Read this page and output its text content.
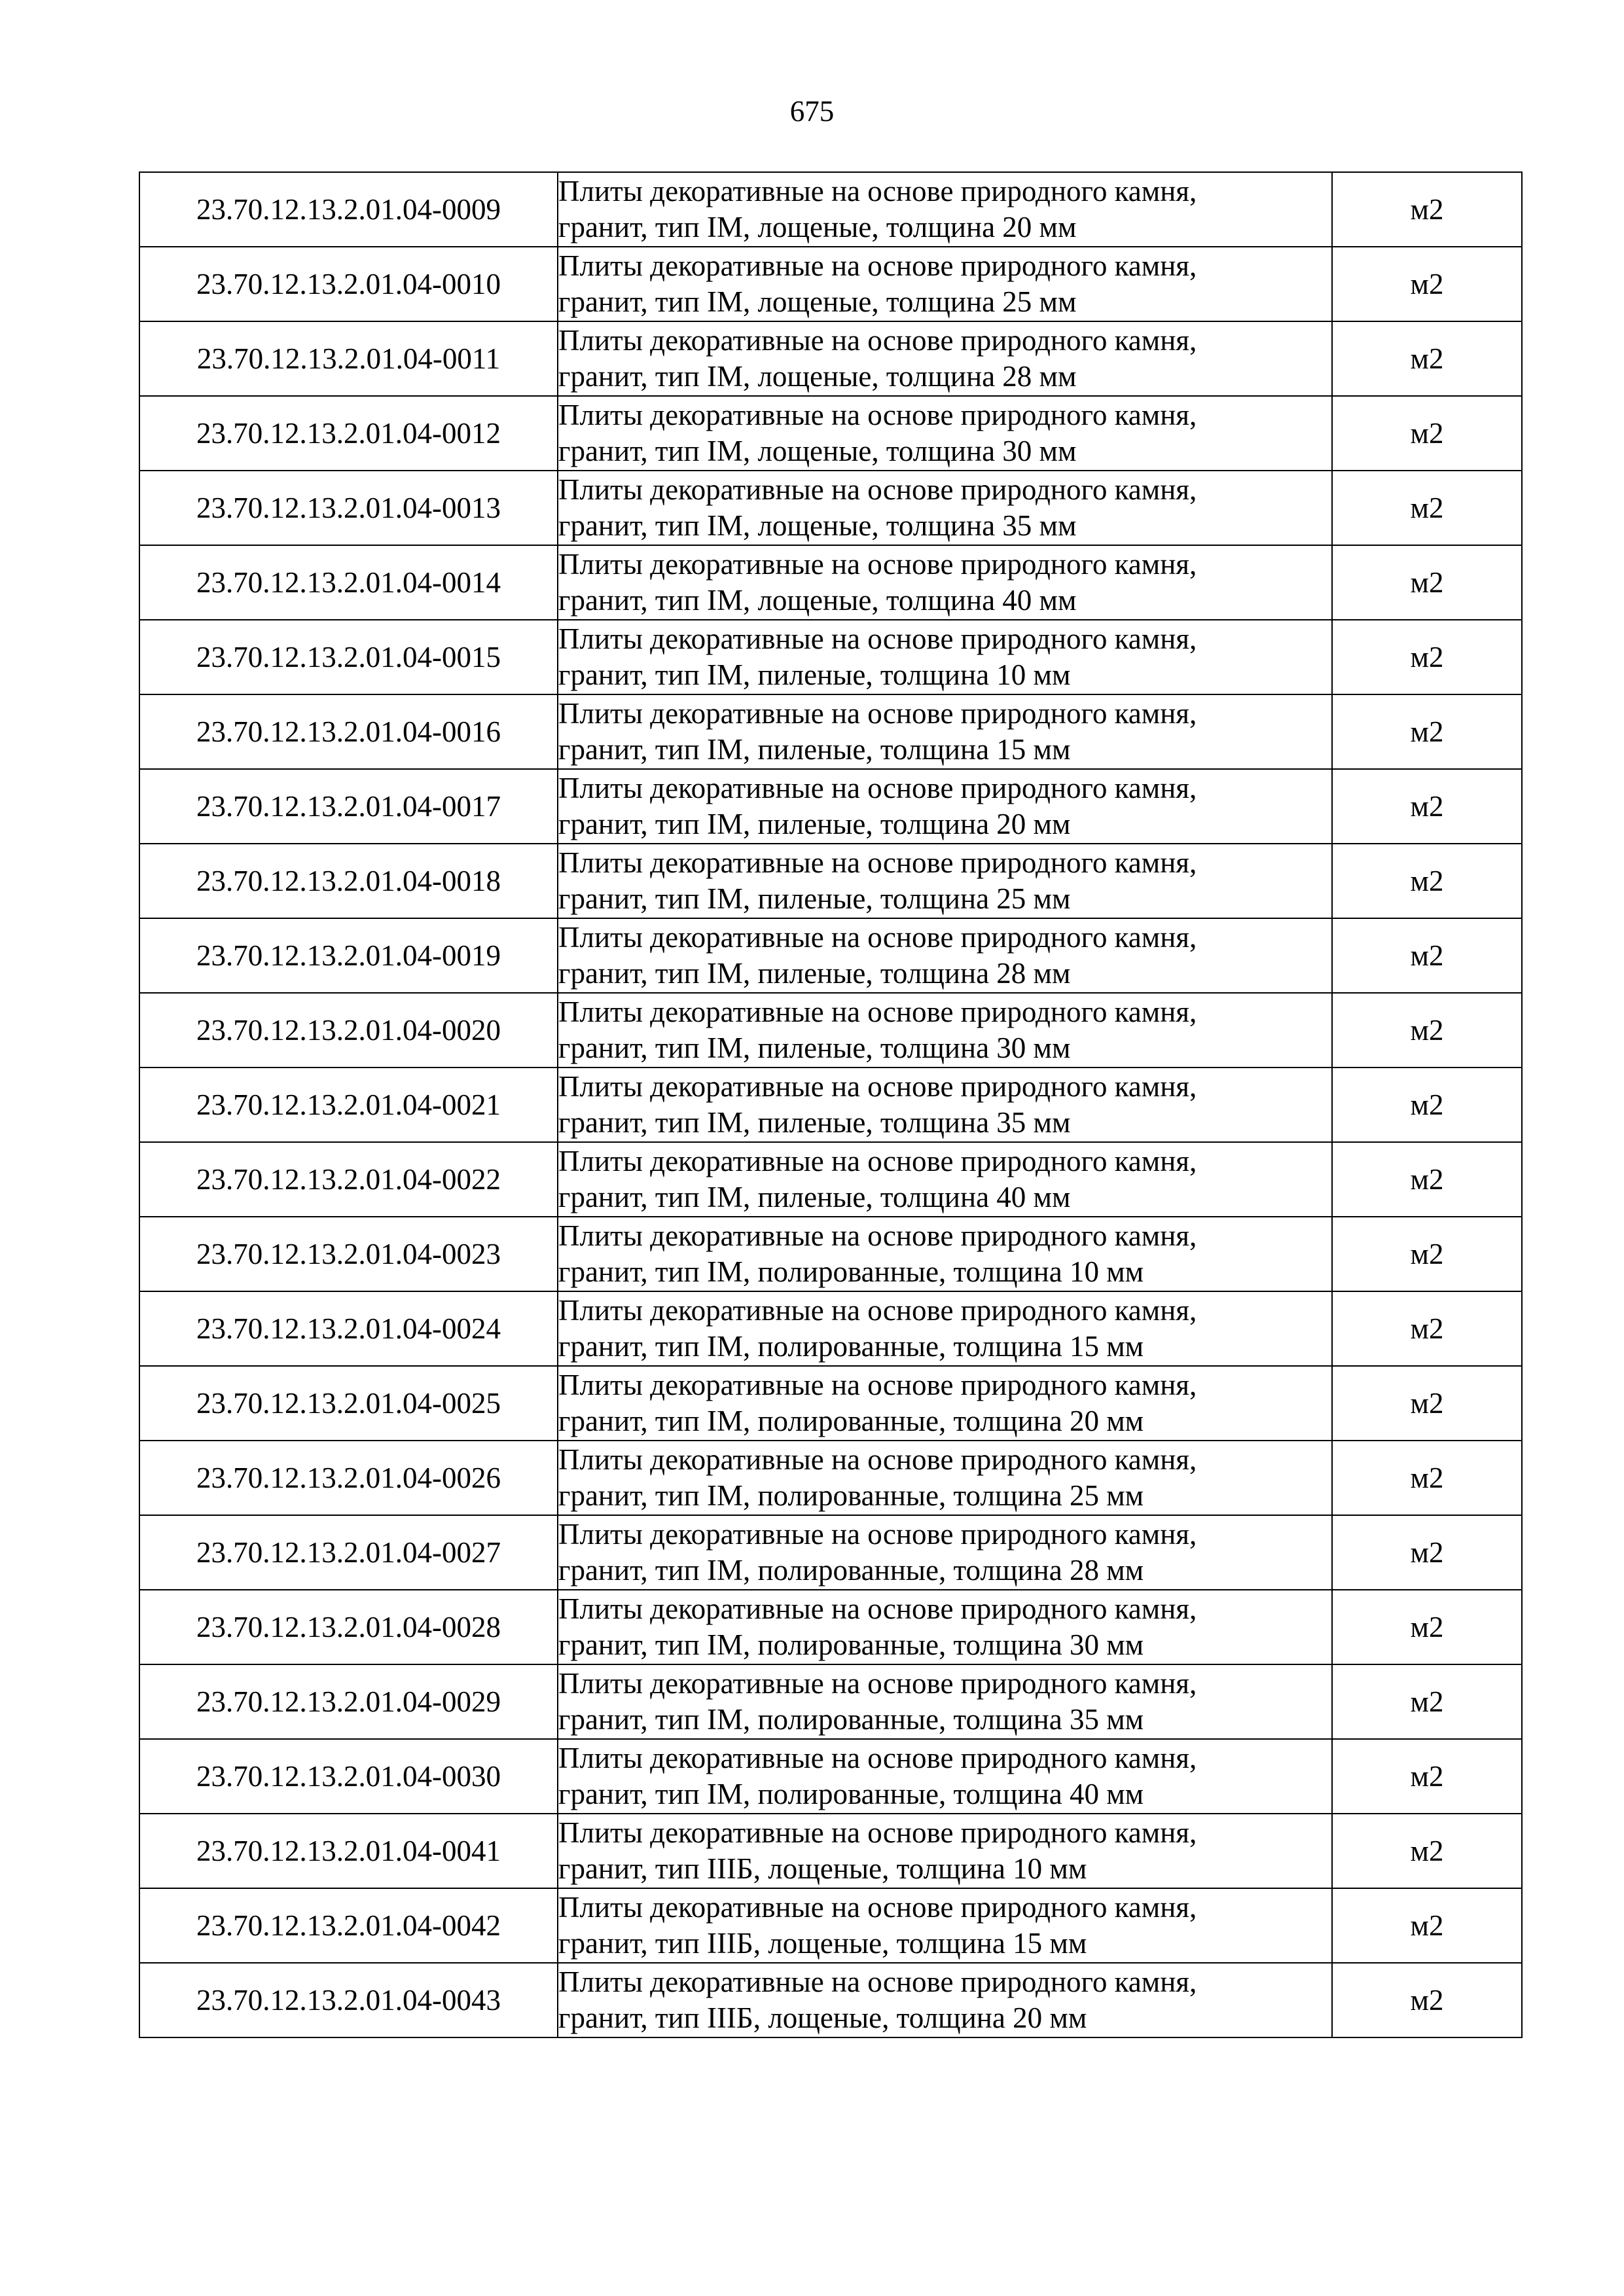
675
23.70.12.13.2.01.04-0009	Плиты декоративные на основе природного камня,
гранит, тип IM, лощеные, толщина 20 мм	м2
23.70.12.13.2.01.04-0010	Плиты декоративные на основе природного камня,
гранит, тип IM, лощеные, толщина 25 мм	м2
23.70.12.13.2.01.04-0011	Плиты декоративные на основе природного камня,
гранит, тип IM, лощеные, толщина 28 мм	м2
23.70.12.13.2.01.04-0012	Плиты декоративные на основе природного камня,
гранит, тип IM, лощеные, толщина 30 мм	м2
23.70.12.13.2.01.04-0013	Плиты декоративные на основе природного камня,
гранит, тип IM, лощеные, толщина 35 мм	м2
23.70.12.13.2.01.04-0014	Плиты декоративные на основе природного камня,
гранит, тип IM, лощеные, толщина 40 мм	м2
23.70.12.13.2.01.04-0015	Плиты декоративные на основе природного камня,
гранит, тип IM, пиленые, толщина 10 мм	м2
23.70.12.13.2.01.04-0016	Плиты декоративные на основе природного камня,
гранит, тип IM, пиленые, толщина 15 мм	м2
23.70.12.13.2.01.04-0017	Плиты декоративные на основе природного камня,
гранит, тип IM, пиленые, толщина 20 мм	м2
23.70.12.13.2.01.04-0018	Плиты декоративные на основе природного камня,
гранит, тип IM, пиленые, толщина 25 мм	м2
23.70.12.13.2.01.04-0019	Плиты декоративные на основе природного камня,
гранит, тип IM, пиленые, толщина 28 мм	м2
23.70.12.13.2.01.04-0020	Плиты декоративные на основе природного камня,
гранит, тип IM, пиленые, толщина 30 мм	м2
23.70.12.13.2.01.04-0021	Плиты декоративные на основе природного камня,
гранит, тип IM, пиленые, толщина 35 мм	м2
23.70.12.13.2.01.04-0022	Плиты декоративные на основе природного камня,
гранит, тип IM, пиленые, толщина 40 мм	м2
23.70.12.13.2.01.04-0023	Плиты декоративные на основе природного камня,
гранит, тип IM, полированные, толщина 10 мм	м2
23.70.12.13.2.01.04-0024	Плиты декоративные на основе природного камня,
гранит, тип IM, полированные, толщина 15 мм	м2
23.70.12.13.2.01.04-0025	Плиты декоративные на основе природного камня,
гранит, тип IM, полированные, толщина 20 мм	м2
23.70.12.13.2.01.04-0026	Плиты декоративные на основе природного камня,
гранит, тип IM, полированные, толщина 25 мм	м2
23.70.12.13.2.01.04-0027	Плиты декоративные на основе природного камня,
гранит, тип IM, полированные, толщина 28 мм	м2
23.70.12.13.2.01.04-0028	Плиты декоративные на основе природного камня,
гранит, тип IM, полированные, толщина 30 мм	м2
23.70.12.13.2.01.04-0029	Плиты декоративные на основе природного камня,
гранит, тип IM, полированные, толщина 35 мм	м2
23.70.12.13.2.01.04-0030	Плиты декоративные на основе природного камня,
гранит, тип IM, полированные, толщина 40 мм	м2
23.70.12.13.2.01.04-0041	Плиты декоративные на основе природного камня,
гранит, тип IIIБ, лощеные, толщина 10 мм	м2
23.70.12.13.2.01.04-0042	Плиты декоративные на основе природного камня,
гранит, тип IIIБ, лощеные, толщина 15 мм	м2
23.70.12.13.2.01.04-0043	Плиты декоративные на основе природного камня,
гранит, тип IIIБ, лощеные, толщина 20 мм	м2
